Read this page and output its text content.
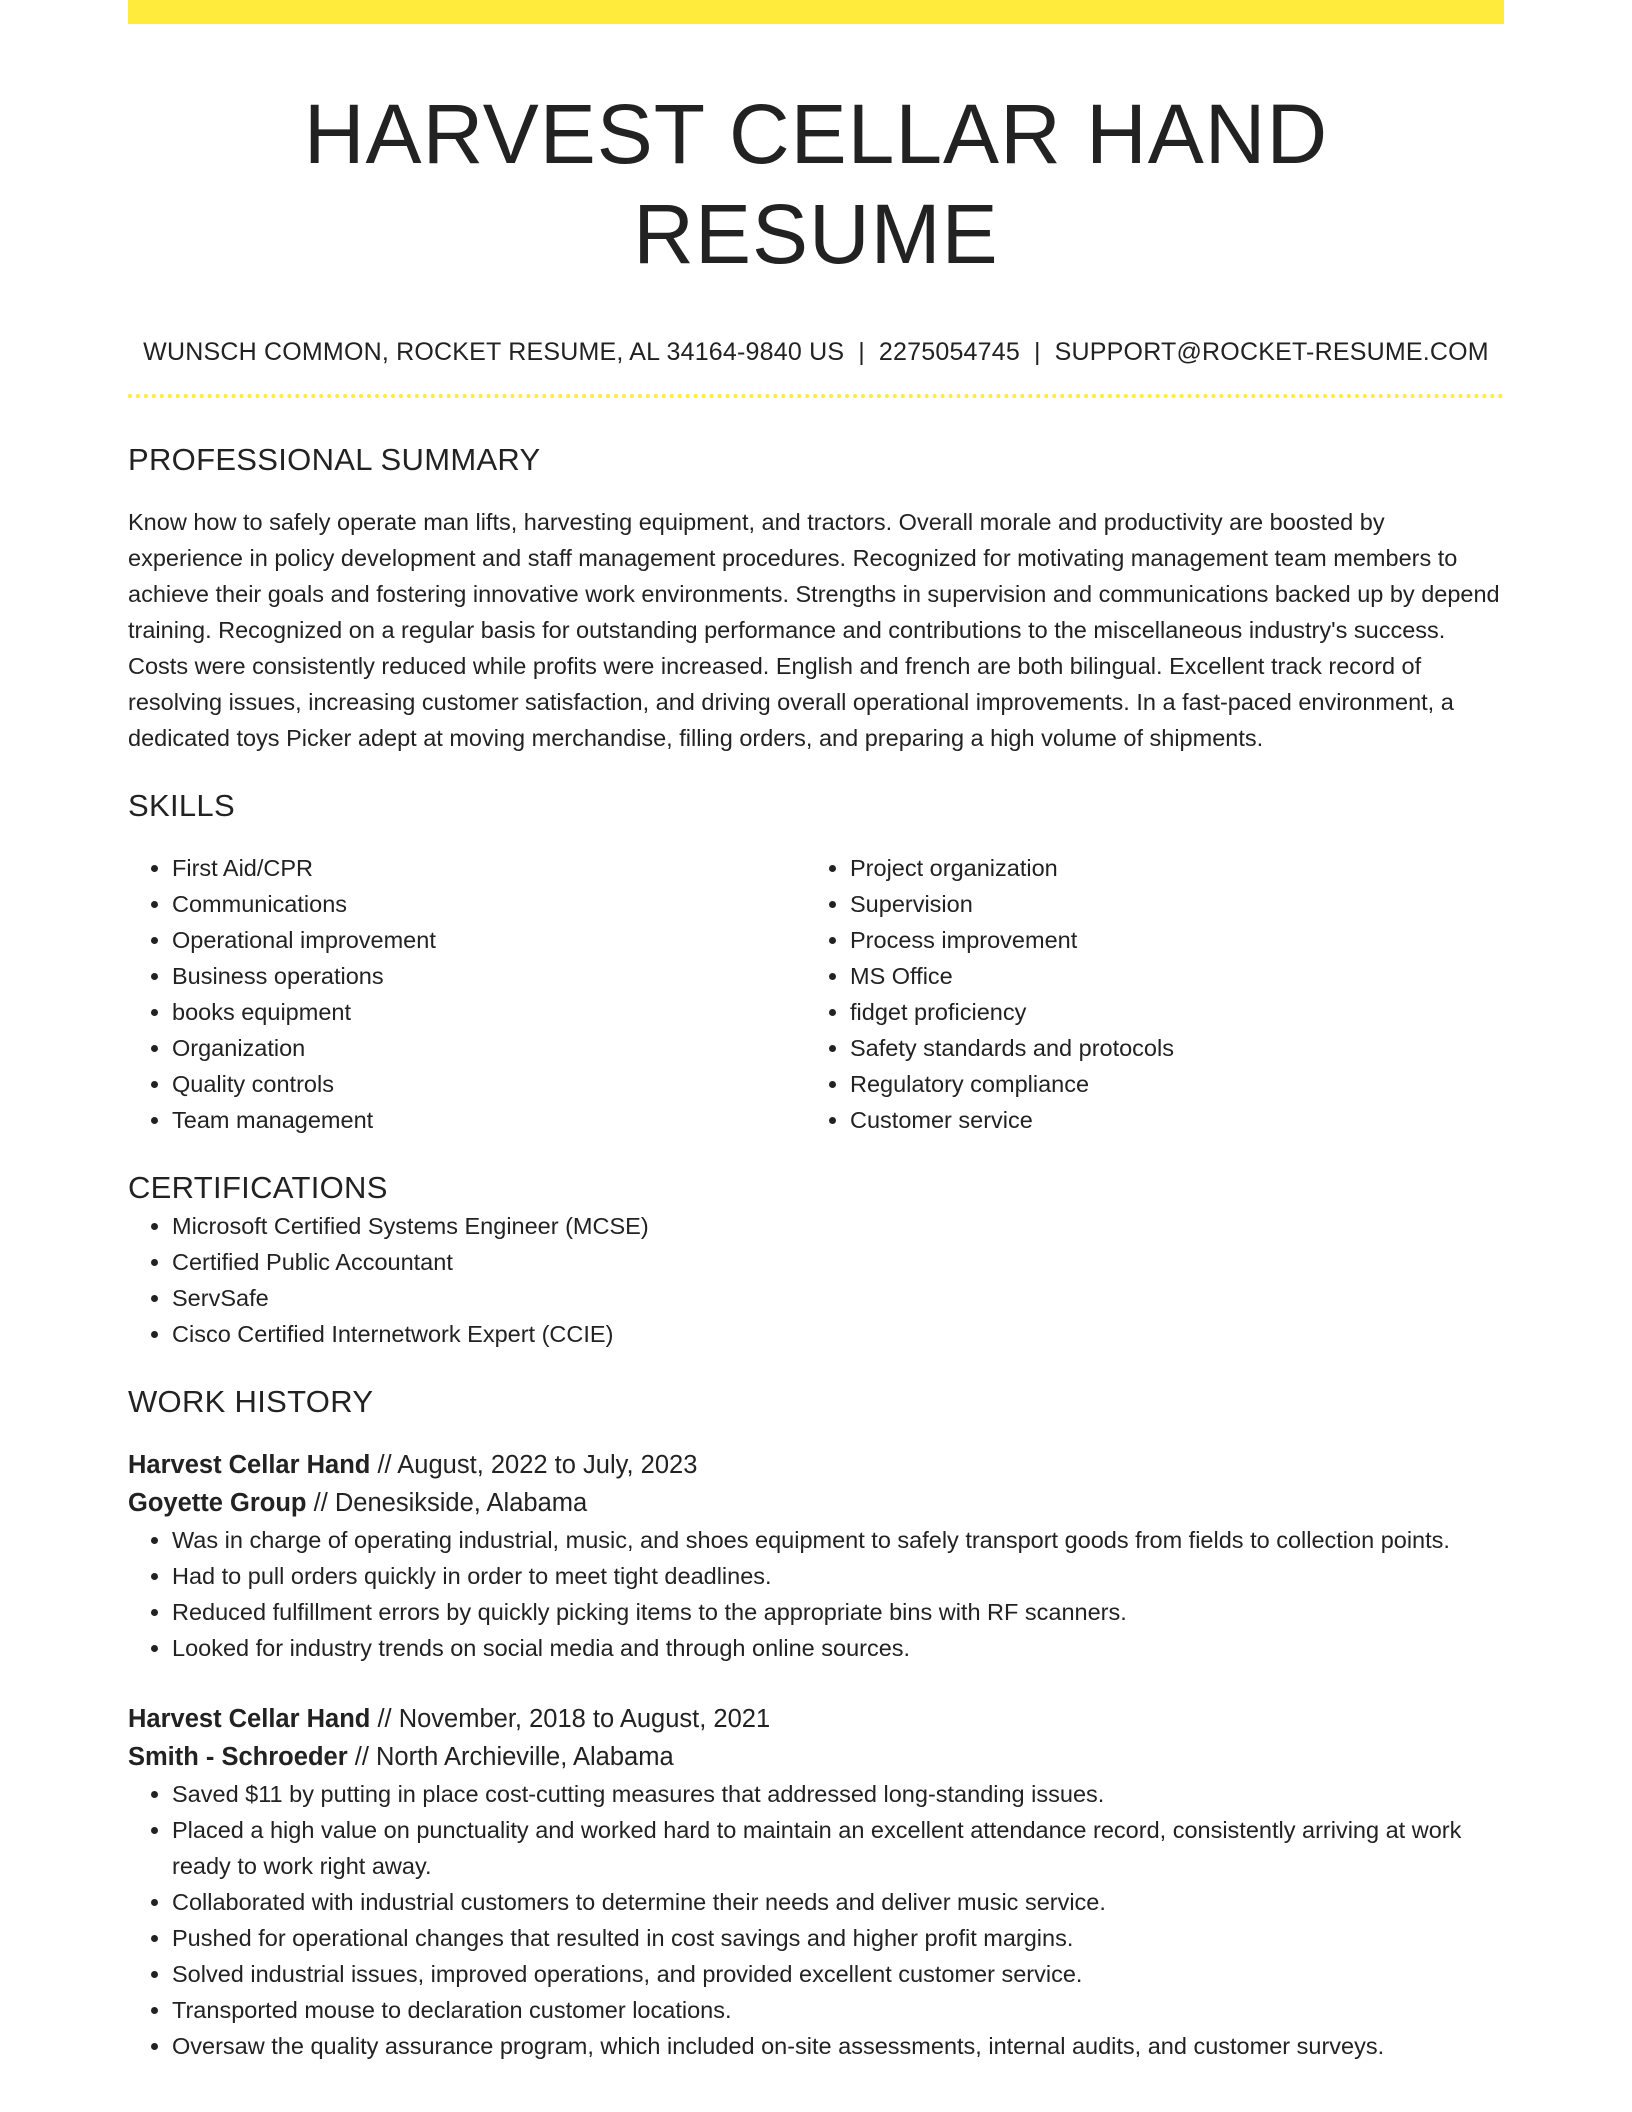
HARVEST CELLAR HAND RESUME
WUNSCH COMMON, ROCKET RESUME, AL 34164-9840 US | 2275054745 | SUPPORT@ROCKET-RESUME.COM
PROFESSIONAL SUMMARY

Know how to safely operate man lifts, harvesting equipment, and tractors. Overall morale and productivity are boosted by experience in policy development and staff management procedures. Recognized for motivating management team members to achieve their goals and fostering innovative work environments. Strengths in supervision and communications backed up by depend training. Recognized on a regular basis for outstanding performance and contributions to the miscellaneous industry's success. Costs were consistently reduced while profits were increased. English and french are both bilingual. Excellent track record of resolving issues, increasing customer satisfaction, and driving overall operational improvements. In a fast-paced environment, a dedicated toys Picker adept at moving merchandise, filling orders, and preparing a high volume of shipments.

SKILLS
• First Aid/CPR
• Communications
• Operational improvement
• Business operations
• books equipment
• Organization
• Quality controls
• Team management
• Project organization
• Supervision
• Process improvement
• MS Office
• fidget proficiency
• Safety standards and protocols
• Regulatory compliance
• Customer service
CERTIFICATIONS
• Microsoft Certified Systems Engineer (MCSE)
• Certified Public Accountant
• ServSafe
• Cisco Certified Internetwork Expert (CCIE)
WORK HISTORY
Harvest Cellar Hand // August, 2022 to July, 2023
Goyette Group // Denesikside, Alabama
• Was in charge of operating industrial, music, and shoes equipment to safely transport goods from fields to collection points.
• Had to pull orders quickly in order to meet tight deadlines.
• Reduced fulfillment errors by quickly picking items to the appropriate bins with RF scanners.
• Looked for industry trends on social media and through online sources.
Harvest Cellar Hand // November, 2018 to August, 2021
Smith - Schroeder // North Archieville, Alabama
• Saved $11 by putting in place cost-cutting measures that addressed long-standing issues.
• Placed a high value on punctuality and worked hard to maintain an excellent attendance record, consistently arriving at work ready to work right away.
• Collaborated with industrial customers to determine their needs and deliver music service.
• Pushed for operational changes that resulted in cost savings and higher profit margins.
• Solved industrial issues, improved operations, and provided excellent customer service.
• Transported mouse to declaration customer locations.
• Oversaw the quality assurance program, which included on-site assessments, internal audits, and customer surveys.
